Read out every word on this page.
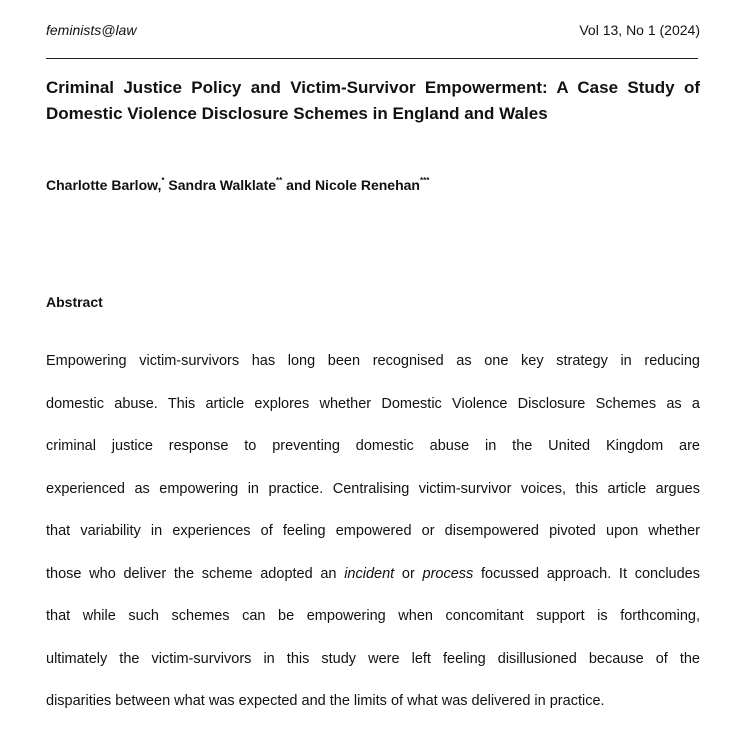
feminists@law	Vol 13, No 1 (2024)
Criminal Justice Policy and Victim-Survivor Empowerment: A Case Study of Domestic Violence Disclosure Schemes in England and Wales
Charlotte Barlow,* Sandra Walklate** and Nicole Renehan***
Abstract
Empowering victim-survivors has long been recognised as one key strategy in reducing
domestic abuse. This article explores whether Domestic Violence Disclosure Schemes as a
criminal justice response to preventing domestic abuse in the United Kingdom are
experienced as empowering in practice. Centralising victim-survivor voices, this article argues
that variability in experiences of feeling empowered or disempowered pivoted upon whether
those who deliver the scheme adopted an incident or process focussed approach. It concludes
that while such schemes can be empowering when concomitant support is forthcoming,
ultimately the victim-survivors in this study were left feeling disillusioned because of the
disparities between what was expected and the limits of what was delivered in practice.
